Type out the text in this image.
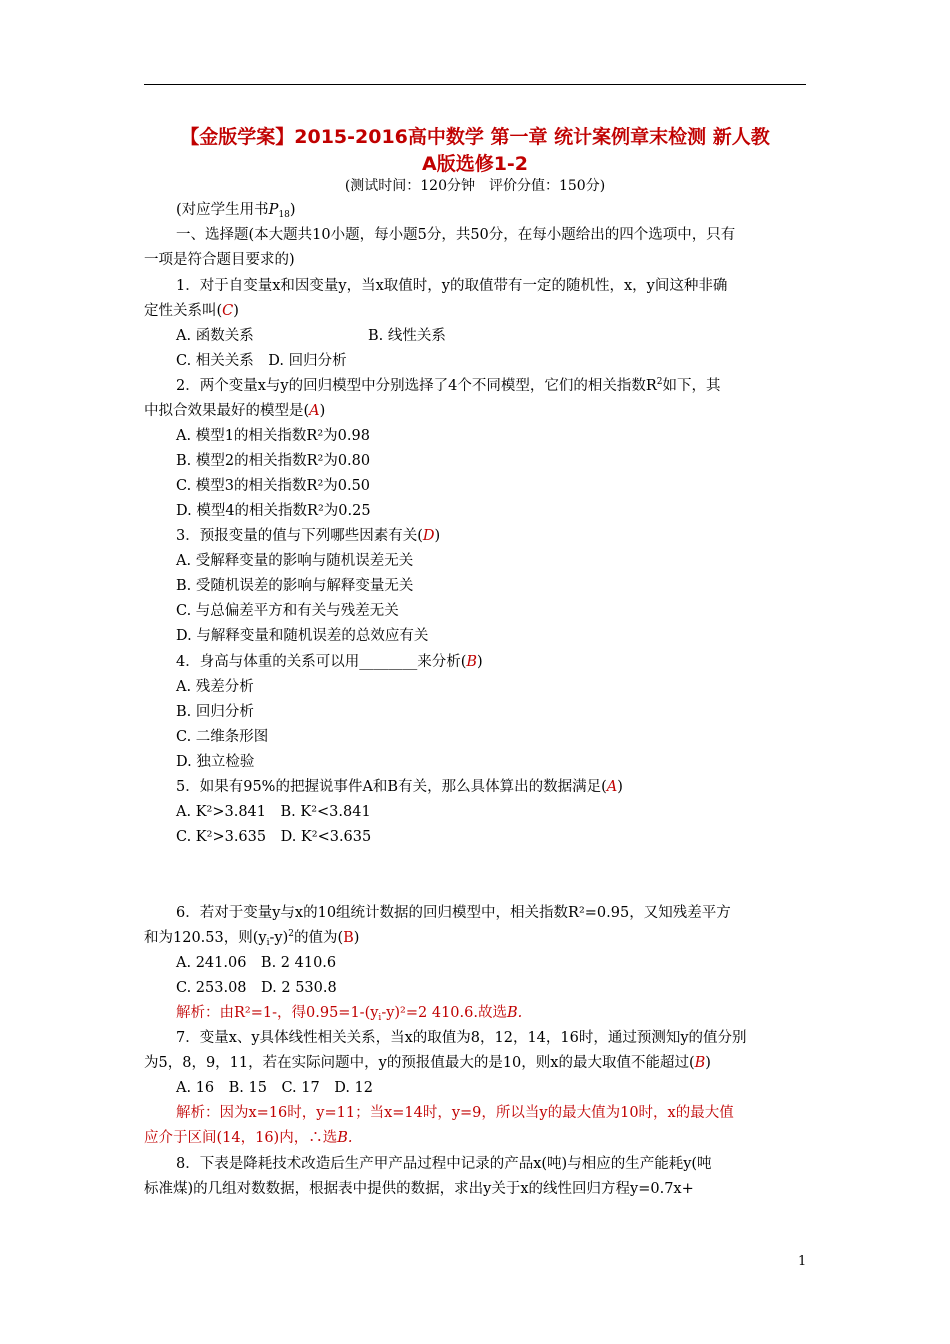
【金版学案】2015-2016高中数学 第一章 统计案例章末检测 新人教
A版选修1-2
(测试时间：120分钟　评价分值：150分)
(对应学生用书$P_{18}$)
一、选择题(本大题共10小题，每小题5分，共50分，在每小题给出的四个选项中，只有
一项是符合题目要求的)
1．对于自变量x和因变量y，当x取值时，y的取值带有一定的随机性，x，y间这种非确
定性关系叫(C)
A. 函数关系	B. 线性关系
C. 相关关系　D. 回归分析
2．两个变量x与y的回归模型中分别选择了4个不同模型，它们的相关指数$R^2$如下，其
中拟合效果最好的模型是(A)
A. 模型1的相关指数R²为0.98
B. 模型2的相关指数R²为0.80
C. 模型3的相关指数R²为0.50
D. 模型4的相关指数R²为0.25
3．预报变量的值与下列哪些因素有关(D)
A. 受解释变量的影响与随机误差无关
B. 受随机误差的影响与解释变量无关
C. 与总偏差平方和有关与残差无关
D. 与解释变量和随机误差的总效应有关
4．身高与体重的关系可以用________来分析(B)
A. 残差分析
B. 回归分析
C. 二维条形图
D. 独立检验
5．如果有95%的把握说事件A和B有关，那么具体算出的数据满足(A)
A. K²>3.841　B. K²<3.841
C. K²>3.635　D. K²<3.635
6．若对于变量y与x的10组统计数据的回归模型中，相关指数R²=0.95，又知残差平方
和为120.53，则$(y_i-y)^2$的值为(B)
A. 241.06　B. 2 410.6
C. 253.08　D. 2 530.8
解析：由R²=1-，得$0.95=1-(y_i-y)^2=2$ 410.6.故选B.
7．变量x、y具体线性相关关系，当x的取值为8，12，14，16时，通过预测知y的值分别
为5，8，9，11，若在实际问题中，y的预报值最大的是10，则x的最大取值不能超过(B)
A. 16　B. 15　C. 17　D. 12
解析：因为x=16时，y=11；当x=14时，y=9，所以当y的最大值为10时，x的最大值
应介于区间(14，16)内，∴选B.
8．下表是降耗技术改造后生产甲产品过程中记录的产品x(吨)与相应的生产能耗y(吨
标准煤)的几组对数数据，根据表中提供的数据，求出y关于x的线性回归方程y=0.7x+
1
